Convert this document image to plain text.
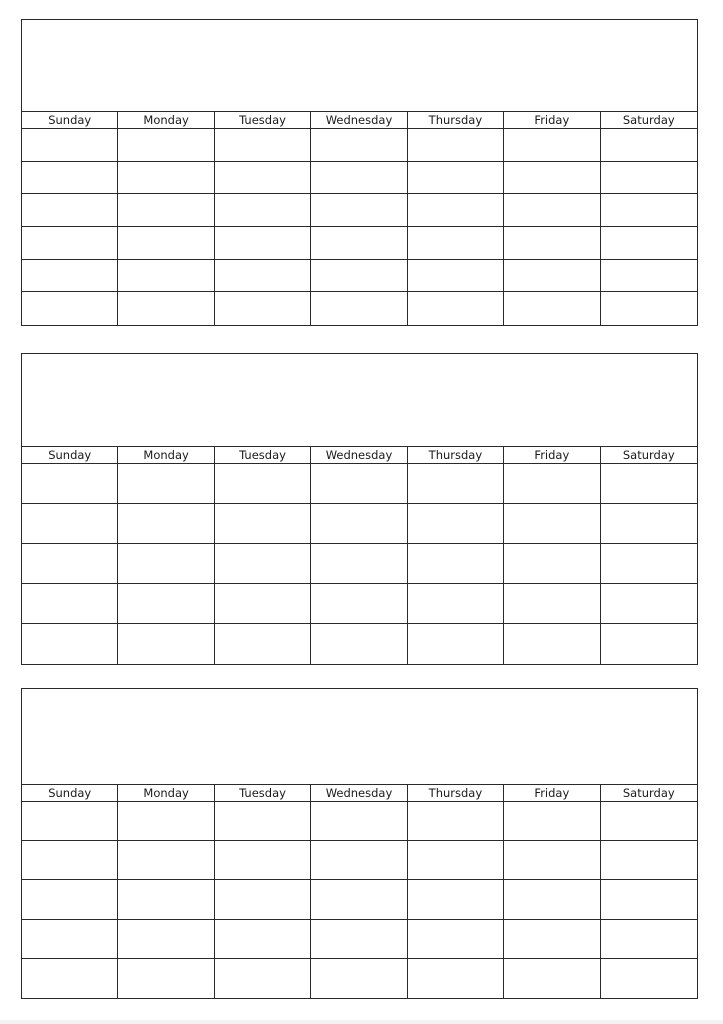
Sunday	Monday	Tuesday	Wednesday	Thursday	Friday	Saturday
Sunday	Monday	Tuesday	Wednesday	Thursday	Friday	Saturday
Sunday	Monday	Tuesday	Wednesday	Thursday	Friday	Saturday
